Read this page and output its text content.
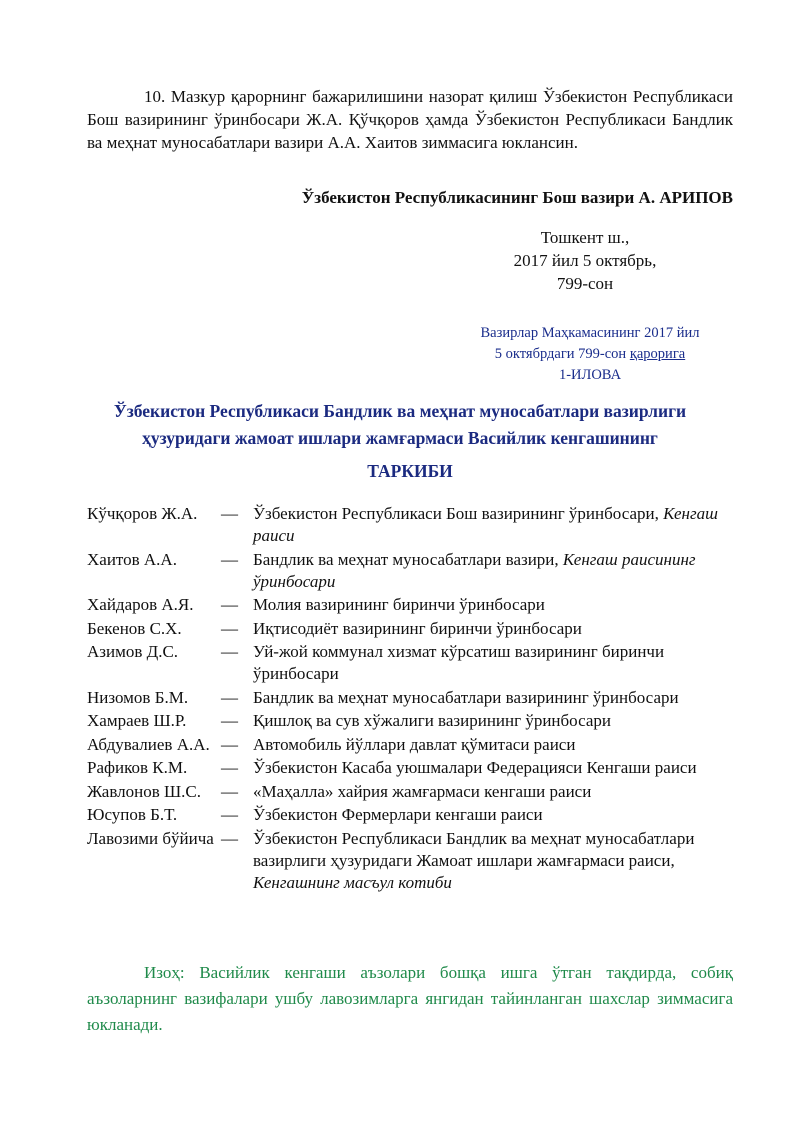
10. Мазкур қарорнинг бажарилишини назорат қилиш Ўзбекистон Республикаси Бош вазирининг ўринбосари Ж.А. Қўчқоров ҳамда Ўзбекистон Республикаси Бандлик ва меҳнат муносабатлари вазири А.А. Хаитов зиммасига юклансин.
Ўзбекистон Республикасининг Бош вазири А. АРИПОВ
Тошкент ш.,
2017 йил 5 октябрь,
799-сон
Вазирлар Маҳкамасининг 2017 йил
5 октябрдаги 799-сон қарорига
1-ИЛОВА
Ўзбекистон Республикаси Бандлик ва меҳнат муносабатлари вазирлиги
ҳузуридаги жамоат ишлари жамғармаси Васийлик кенгашининг
ТАРКИБИ
Кўчқоров Ж.А.	— Ўзбекистон Республикаси Бош вазирининг ўринбосари, Кенгаш раиси
Хаитов А.А.	— Бандлик ва меҳнат муносабатлари вазири, Кенгаш раисининг ўринбосари
Хайдаров А.Я.	— Молия вазирининг биринчи ўринбосари
Бекенов С.Х.	— Иқтисодиёт вазирининг биринчи ўринбосари
Азимов Д.С.	— Уй-жой коммунал хизмат кўрсатиш вазирининг биринчи ўринбосари
Низомов Б.М.	— Бандлик ва меҳнат муносабатлари вазирининг ўринбосари
Хамраев Ш.Р.	— Қишлоқ ва сув хўжалиги вазирининг ўринбосари
Абдувалиев А.А. — Автомобиль йўллари давлат қўмитаси раиси
Рафиков К.М.	— Ўзбекистон Касаба уюшмалари Федерацияси Кенгаши раиси
Жавлонов Ш.С.	— «Маҳалла» хайрия жамғармаси кенгаши раиси
Юсупов Б.Т.	— Ўзбекистон Фермерлари кенгаши раиси
Лавозими бўйича — Ўзбекистон Республикаси Бандлик ва меҳнат муносабатлари вазирлиги ҳузуридаги Жамоат ишлари жамғармаси раиси, Кенгашнинг масъул котиби
Изоҳ: Васийлик кенгаши аъзолари бошқа ишга ўтган тақдирда, собиқ аъзоларнинг вазифалари ушбу лавозимларга янгидан тайинланган шахслар зиммасига юкланади.
